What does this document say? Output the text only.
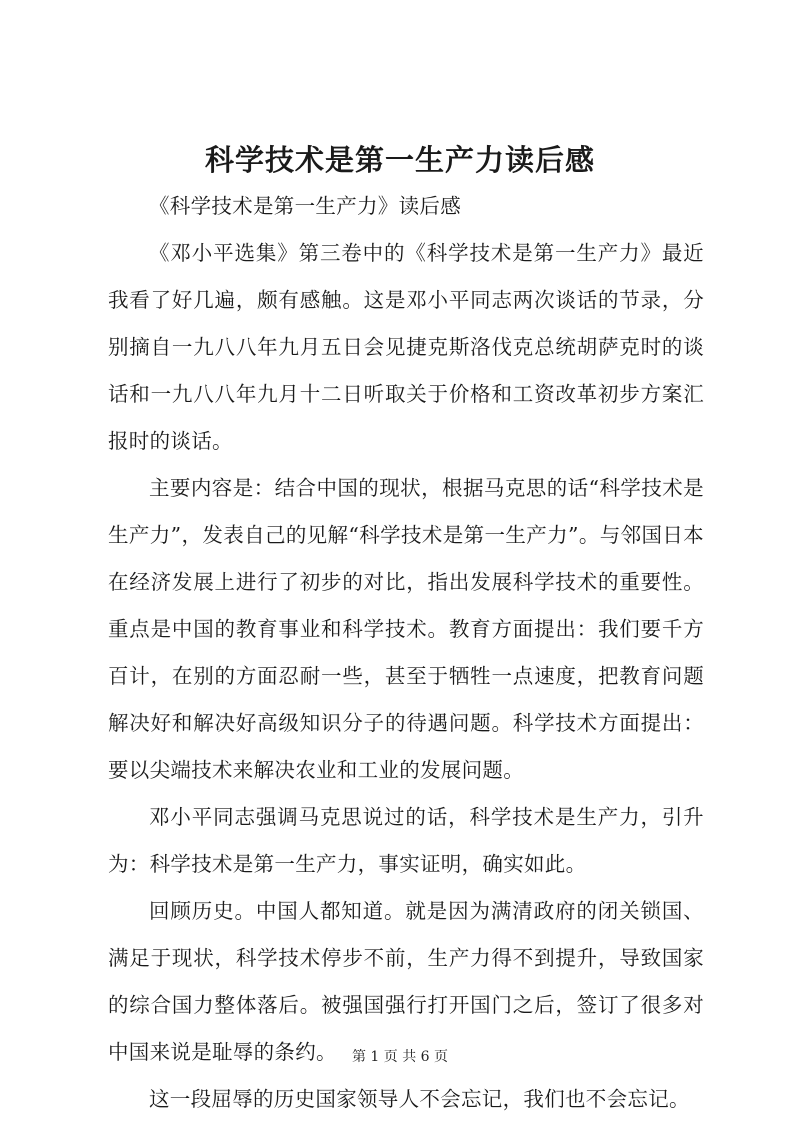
科学技术是第一生产力读后感

《科学技术是第一生产力》读后感

《邓小平选集》第三卷中的《科学技术是第一生产力》最近我看了好几遍，颇有感触。这是邓小平同志两次谈话的节录，分别摘自一九八八年九月五日会见捷克斯洛伐克总统胡萨克时的谈话和一九八八年九月十二日听取关于价格和工资改革初步方案汇报时的谈话。

主要内容是：结合中国的现状，根据马克思的话“科学技术是生产力”，发表自己的见解“科学技术是第一生产力”。与邻国日本在经济发展上进行了初步的对比，指出发展科学技术的重要性。重点是中国的教育事业和科学技术。教育方面提出：我们要千方百计，在别的方面忍耐一些，甚至于牺牲一点速度，把教育问题解决好和解决好高级知识分子的待遇问题。科学技术方面提出：要以尖端技术来解决农业和工业的发展问题。

邓小平同志强调马克思说过的话，科学技术是生产力，引升为：科学技术是第一生产力，事实证明，确实如此。

回顾历史。中国人都知道。就是因为满清政府的闭关锁国、满足于现状，科学技术停步不前，生产力得不到提升，导致国家的综合国力整体落后。被强国强行打开国门之后，签订了很多对中国来说是耻辱的条约。

这一段屈辱的历史国家领导人不会忘记，我们也不会忘记。

第 1 页 共 6 页
